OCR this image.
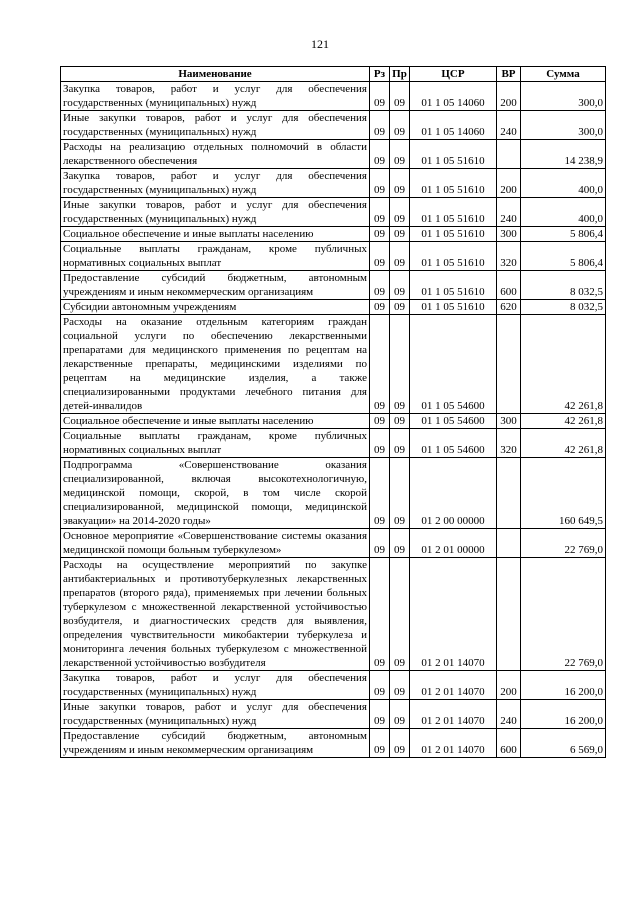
121
Наименование	Рз	Пр	ЦСР	ВР	Сумма
Закупка товаров, работ и услуг для обеспечения государственных (муниципальных) нужд	09	09	01 1 05 14060	200	300,0
Иные закупки товаров, работ и услуг для обеспечения государственных (муниципальных) нужд	09	09	01 1 05 14060	240	300,0
Расходы на реализацию отдельных полномочий в области лекарственного обеспечения	09	09	01 1 05 51610		14 238,9
Закупка товаров, работ и услуг для обеспечения государственных (муниципальных) нужд	09	09	01 1 05 51610	200	400,0
Иные закупки товаров, работ и услуг для обеспечения государственных (муниципальных) нужд	09	09	01 1 05 51610	240	400,0
Социальное обеспечение и иные выплаты населению	09	09	01 1 05 51610	300	5 806,4
Социальные выплаты гражданам, кроме публичных нормативных социальных выплат	09	09	01 1 05 51610	320	5 806,4
Предоставление субсидий бюджетным, автономным учреждениям и иным некоммерческим организациям	09	09	01 1 05 51610	600	8 032,5
Субсидии автономным учреждениям	09	09	01 1 05 51610	620	8 032,5
Расходы на оказание отдельным категориям граждан социальной услуги по обеспечению лекарственными препаратами для медицинского применения по рецептам на лекарственные препараты, медицинскими изделиями по рецептам на медицинские изделия, а также специализированными продуктами лечебного питания для детей-инвалидов	09	09	01 1 05 54600		42 261,8
Социальное обеспечение и иные выплаты населению	09	09	01 1 05 54600	300	42 261,8
Социальные выплаты гражданам, кроме публичных нормативных социальных выплат	09	09	01 1 05 54600	320	42 261,8
Подпрограмма «Совершенствование оказания специализированной, включая высокотехнологичную, медицинской помощи, скорой, в том числе скорой специализированной, медицинской помощи, медицинской эвакуации» на 2014-2020 годы»	09	09	01 2 00 00000		160 649,5
Основное мероприятие «Совершенствование системы оказания медицинской помощи больным туберкулезом»	09	09	01 2 01 00000		22 769,0
Расходы на осуществление мероприятий по закупке антибактериальных и противотуберкулезных лекарственных препаратов (второго ряда), применяемых при лечении больных туберкулезом с множественной лекарственной устойчивостью возбудителя, и диагностических средств для выявления, определения чувствительности микобактерии туберкулеза и мониторинга лечения больных туберкулезом с множественной лекарственной устойчивостью возбудителя	09	09	01 2 01 14070		22 769,0
Закупка товаров, работ и услуг для обеспечения государственных (муниципальных) нужд	09	09	01 2 01 14070	200	16 200,0
Иные закупки товаров, работ и услуг для обеспечения государственных (муниципальных) нужд	09	09	01 2 01 14070	240	16 200,0
Предоставление субсидий бюджетным, автономным учреждениям и иным некоммерческим организациям	09	09	01 2 01 14070	600	6 569,0
